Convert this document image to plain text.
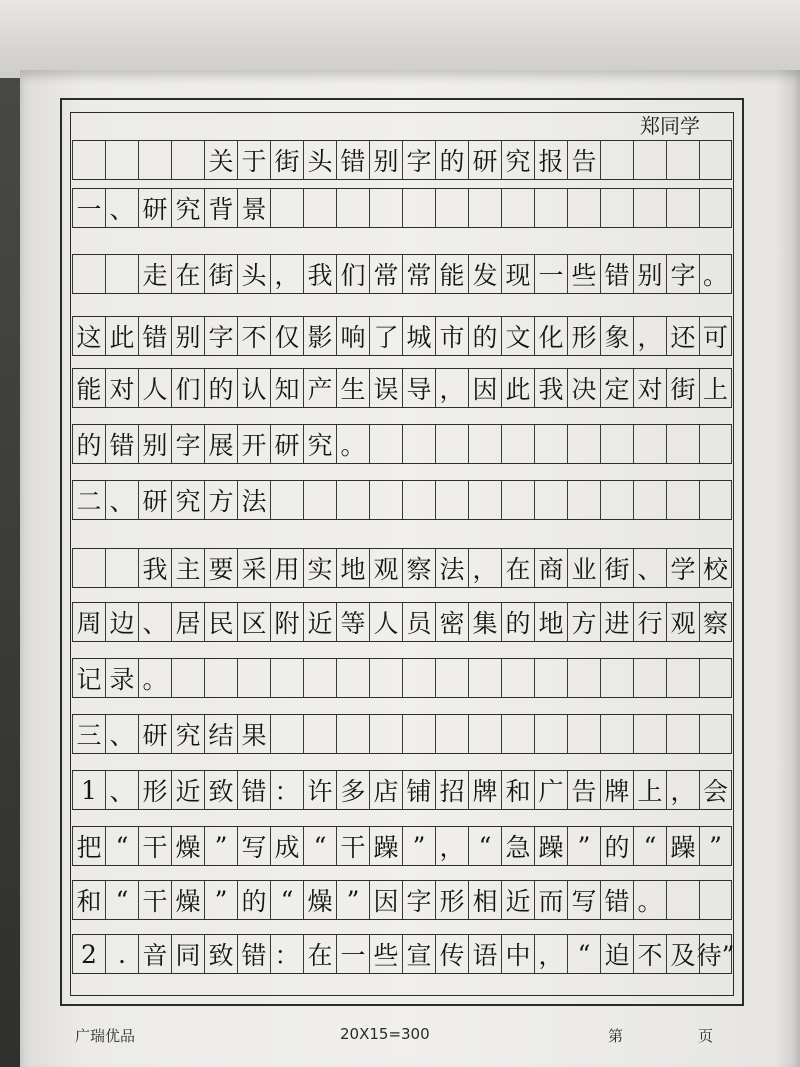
郑同学
关 于 街 头 错 别 字 的 研 究 报 告
一 、 研 究 背 景
走 在 街 头 ， 我 们 常 常 能 发 现 一 些 错 别 字 。
这 此 错 别 字 不 仅 影 响 了 城 市 的 文 化 形 象 ， 还 可
能 对 人 们 的 认 知 产 生 误 导 ， 因 此 我 决 定 对 街 上
的 错 别 字 展 开 研 究 。
二 、 研 究 方 法
我 主 要 采 用 实 地 观 察 法 ， 在 商 业 街 、 学 校
周 边 、 居 民 区 附 近 等 人 员 密 集 的 地 方 进 行 观 察
记 录 。
三 、 研 究 结 果
1 、 形 近 致 错 ： 许 多 店 铺 招 牌 和 广 告 牌 上 ， 会
把 “ 干 燥 ” 写 成 “ 干 躁 ” ， “ 急 躁 ” 的 “ 躁 ”
和 “ 干 燥 ” 的 “ 燥 ” 因 字 形 相 近 而 写 错 。
2 . 音 同 致 错 ： 在 一 些 宣 传 语 中 ， “ 迫 不 及 待”
广瑞优品	20X15=300	第	页
